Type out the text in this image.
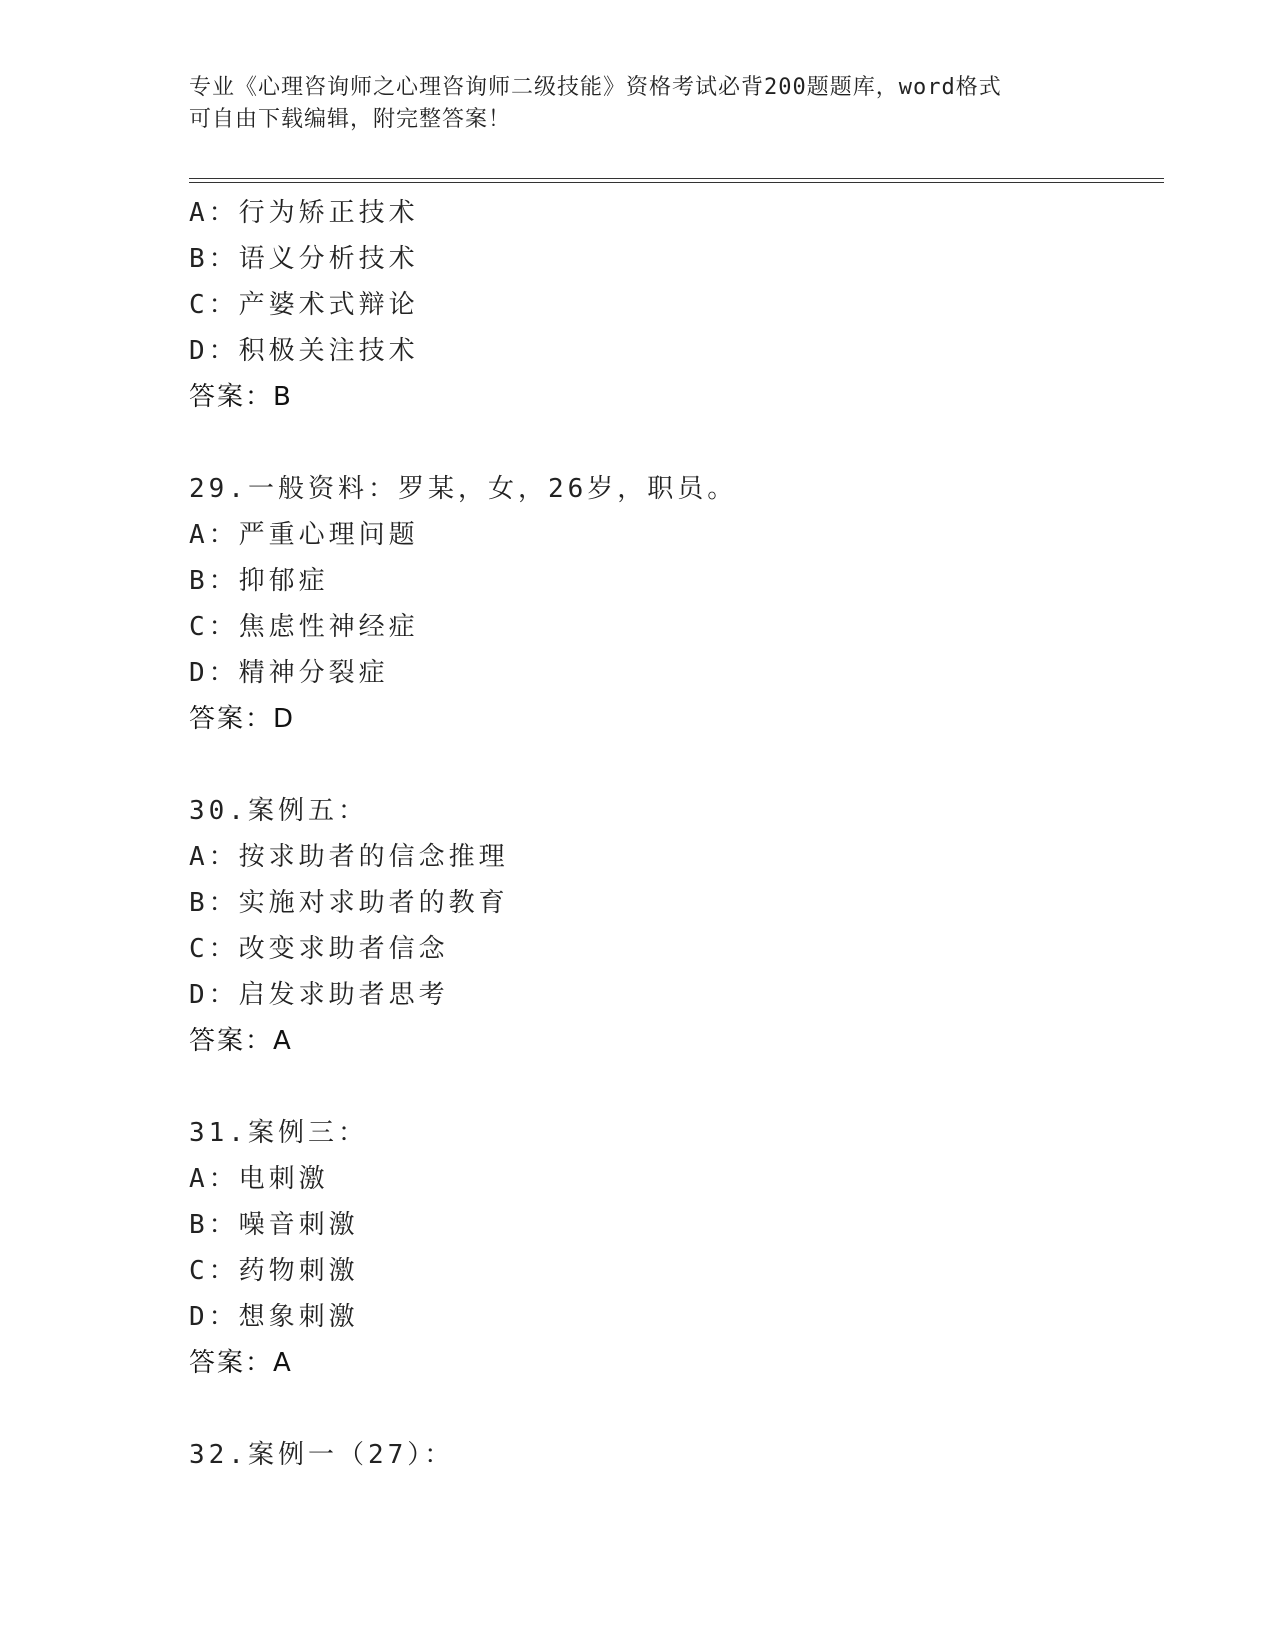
专业《心理咨询师之心理咨询师二级技能》资格考试必背200题题库，word格式
可自由下载编辑，附完整答案！
A：行为矫正技术
B：语义分析技术
C：产婆术式辩论
D：积极关注技术
答案：B
29.一般资料：罗某，女，26岁，职员。
A：严重心理问题
B：抑郁症
C：焦虑性神经症
D：精神分裂症
答案：D
30.案例五：
A：按求助者的信念推理
B：实施对求助者的教育
C：改变求助者信念
D：启发求助者思考
答案：A
31.案例三：
A：电刺激
B：噪音刺激
C：药物刺激
D：想象刺激
答案：A
32.案例一（27）：
